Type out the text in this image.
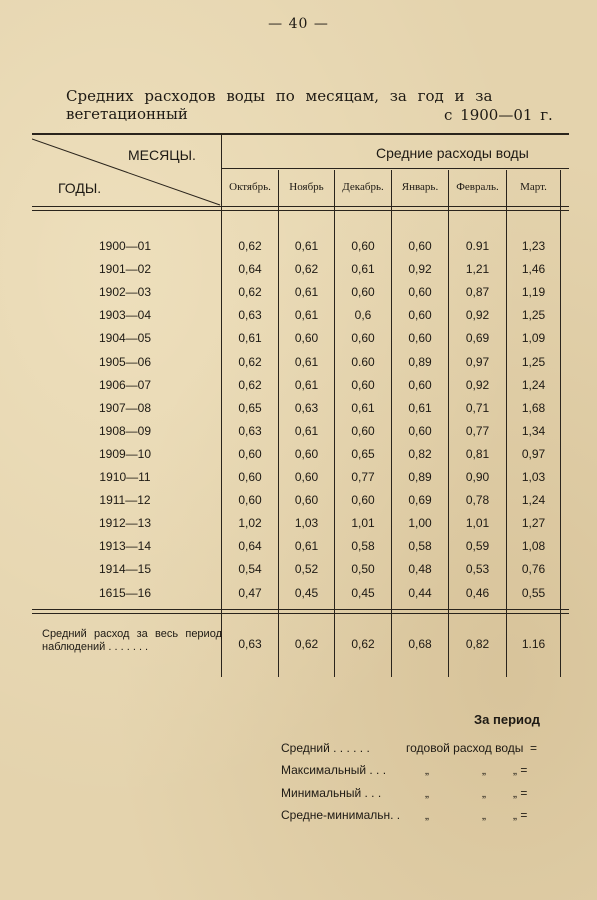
— 40 —
Средних расходов воды по месяцам, за год и за вегетационный	с 1900—01 г.
МЕСЯЦЫ.
ГОДЫ.
Средние расходы воды
Октябрь.	Ноябрь	Декабрь.	Январь.	Февраль.	Март.
1900—01	0,62	0,61	0,60	0,60	0.91	1,23
1901—02	0,64	0,62	0,61	0,92	1,21	1,46
1902—03	0,62	0,61	0,60	0,60	0,87	1,19
1903—04	0,63	0,61	0,6	0,60	0,92	1,25
1904—05	0,61	0,60	0,60	0,60	0,69	1,09
1905—06	0,62	0,61	0.60	0,89	0,97	1,25
1906—07	0,62	0,61	0,60	0,60	0,92	1,24
1907—08	0,65	0,63	0,61	0,61	0,71	1,68
1908—09	0,63	0,61	0,60	0,60	0,77	1,34
1909—10	0,60	0,60	0,65	0,82	0,81	0,97
1910—11	0,60	0,60	0,77	0,89	0,90	1,03
1911—12	0,60	0,60	0,60	0,69	0,78	1,24
1912—13	1,02	1,03	1,01	1,00	1,01	1,27
1913—14	0,64	0,61	0,58	0,58	0,59	1,08
1914—15	0,54	0,52	0,50	0,48	0,53	0,76
1615—16	0,47	0,45	0,45	0,44	0,46	0,55
Средний расход за весь период наблюдений . . . . . . .	0,63	0,62	0,62	0,68	0,82	1.16
За период
Средний . . . . . .	годовой расход воды =
Максимальный . . .	„	„ „ =
Минимальный . . .	„	„ „ =
Средне-минимальн. . „	„ „ =
